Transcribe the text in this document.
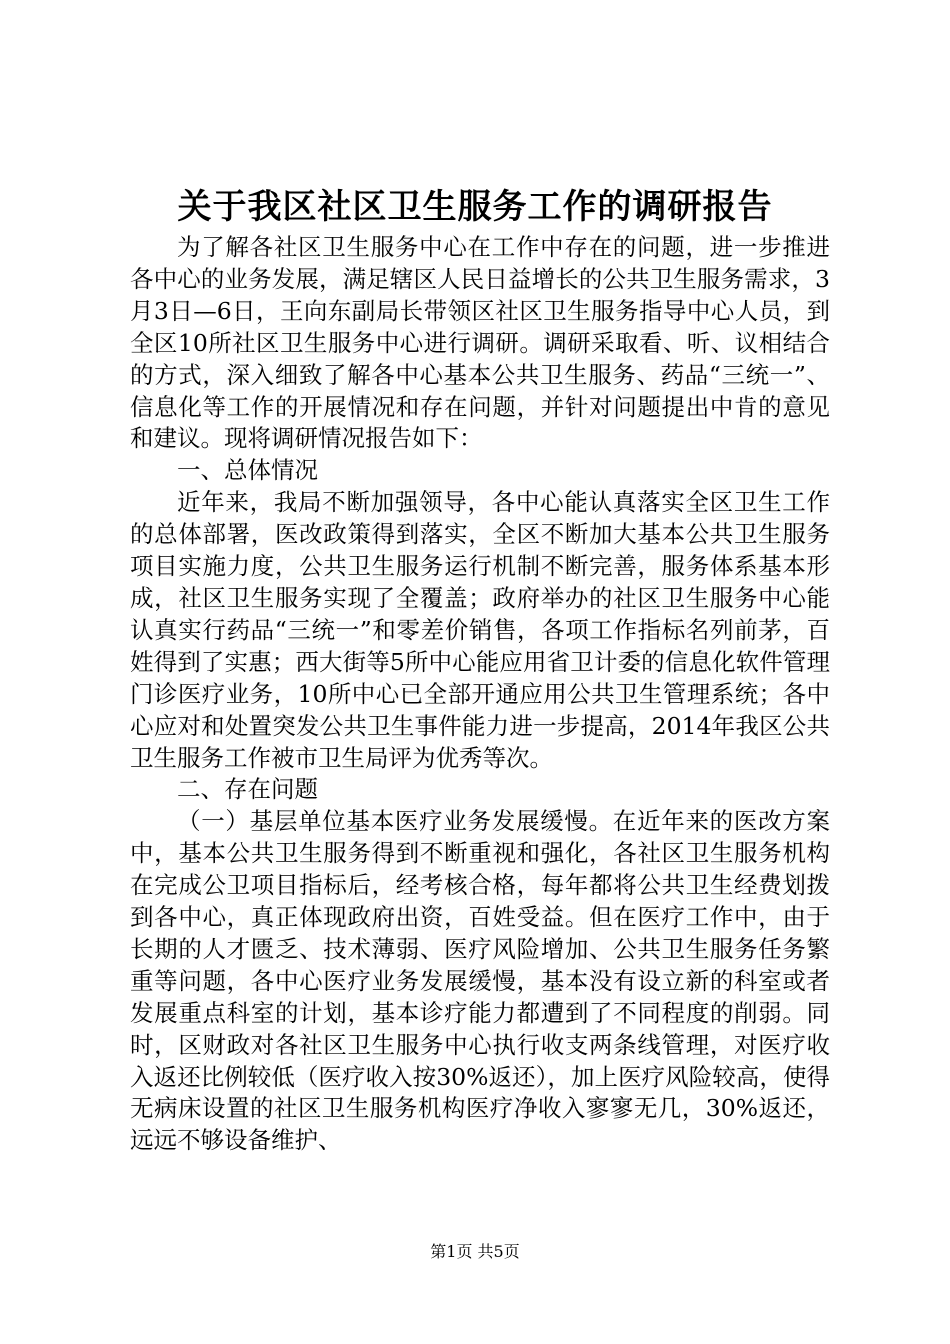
关于我区社区卫生服务工作的调研报告

为了解各社区卫生服务中心在工作中存在的问题，进一步推进各中心的业务发展，满足辖区人民日益增长的公共卫生服务需求，3月3日—6日，王向东副局长带领区社区卫生服务指导中心人员，到全区10所社区卫生服务中心进行调研。调研采取看、听、议相结合的方式，深入细致了解各中心基本公共卫生服务、药品“三统一”、信息化等工作的开展情况和存在问题，并针对问题提出中肯的意见和建议。现将调研情况报告如下：

一、总体情况

近年来，我局不断加强领导，各中心能认真落实全区卫生工作的总体部署，医改政策得到落实，全区不断加大基本公共卫生服务项目实施力度，公共卫生服务运行机制不断完善，服务体系基本形成，社区卫生服务实现了全覆盖；政府举办的社区卫生服务中心能认真实行药品“三统一”和零差价销售，各项工作指标名列前茅，百姓得到了实惠；西大街等5所中心能应用省卫计委的信息化软件管理门诊医疗业务，10所中心已全部开通应用公共卫生管理系统；各中心应对和处置突发公共卫生事件能力进一步提高，2014年我区公共卫生服务工作被市卫生局评为优秀等次。

二、存在问题

（一）基层单位基本医疗业务发展缓慢。在近年来的医改方案中，基本公共卫生服务得到不断重视和强化，各社区卫生服务机构在完成公卫项目指标后，经考核合格，每年都将公共卫生经费划拨到各中心，真正体现政府出资，百姓受益。但在医疗工作中，由于长期的人才匮乏、技术薄弱、医疗风险增加、公共卫生服务任务繁重等问题，各中心医疗业务发展缓慢，基本没有设立新的科室或者发展重点科室的计划，基本诊疗能力都遭到了不同程度的削弱。同时，区财政对各社区卫生服务中心执行收支两条线管理，对医疗收入返还比例较低（医疗收入按30%返还），加上医疗风险较高，使得无病床设置的社区卫生服务机构医疗净收入寥寥无几，30%返还，远远不够设备维护、

第1页 共5页
